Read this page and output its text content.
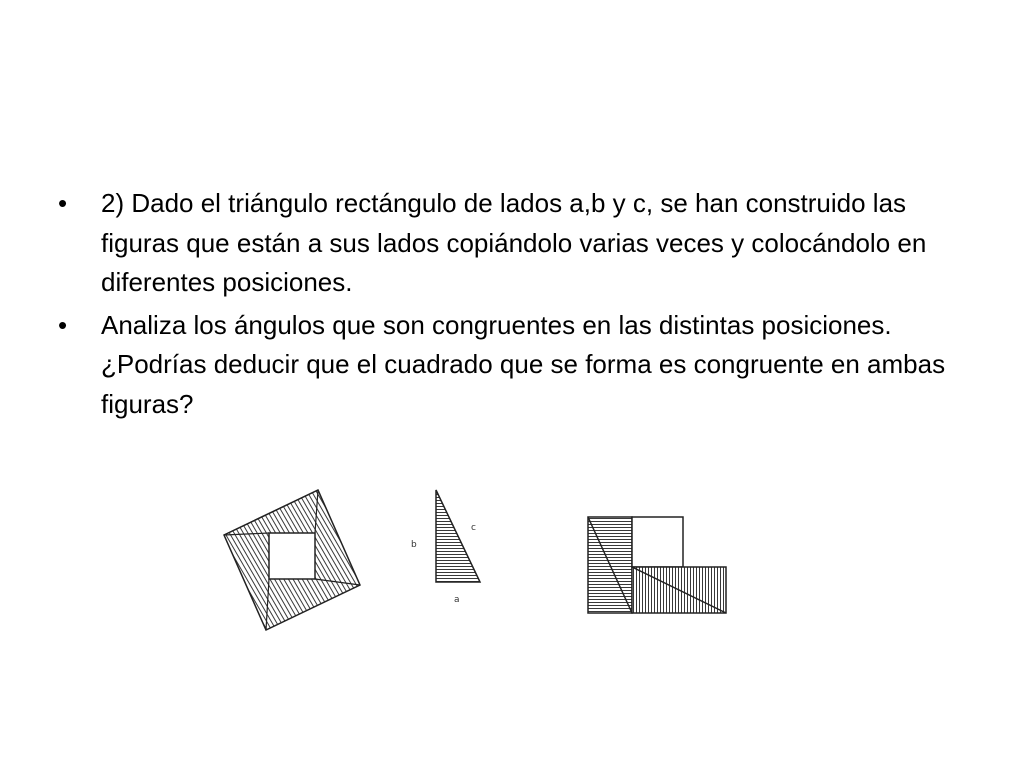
• 2) Dado el triángulo rectángulo de lados a,b y c, se han construido las figuras que están a sus lados copiándolo varias veces y colocándolo en diferentes posiciones.
• Analiza los ángulos que son congruentes en las distintas posiciones. ¿Podrías deducir que el cuadrado que se forma es congruente en ambas figuras?
b
c
a
